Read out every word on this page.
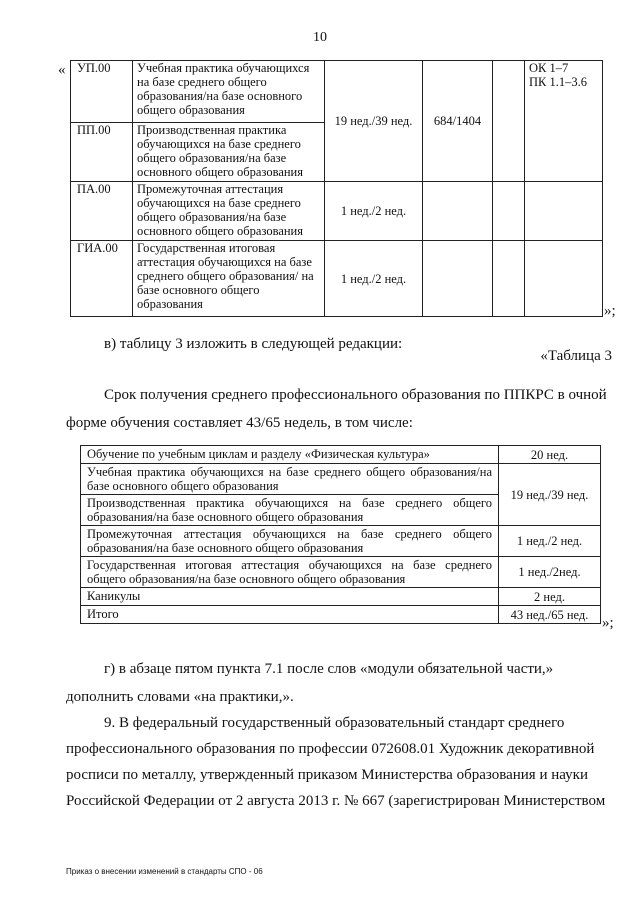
10
« УП.00	Учебная практика обучающихся на базе среднего общего образования/на базе основного общего образования	19 нед./39 нед.	684/1404		ОК 1–7
ПК 1.1–3.6
ПП.00	Производственная практика обучающихся на базе среднего общего образования/на базе основного общего образования				
ПА.00	Промежуточная аттестация обучающихся на базе среднего общего образования/на базе основного общего образования	1 нед./2 нед.			
ГИА.00	Государственная итоговая аттестация обучающихся на базе среднего общего образования/ на базе основного общего образования	1 нед./2 нед.			
»;
в) таблицу 3 изложить в следующей редакции:
«Таблица 3
Срок получения среднего профессионального образования по ППКРС в очной
форме обучения составляет 43/65 недель, в том числе:
Обучение по учебным циклам и разделу «Физическая культура»	20 нед.
Учебная практика обучающихся на базе среднего общего образования/на базе основного общего образования	19 нед./39 нед.
Производственная практика обучающихся на базе среднего общего образования/на базе основного общего образования	
Промежуточная аттестация обучающихся на базе среднего общего образования/на базе основного общего образования	1 нед./2 нед.
Государственная итоговая аттестация обучающихся на базе среднего общего образования/на базе основного общего образования	1 нед./2нед.
Каникулы	2 нед.
Итого	43 нед./65 нед.
»;
г) в абзаце пятом пункта 7.1 после слов «модули обязательной части,»
дополнить словами «на практики,».
9. В федеральный государственный образовательный стандарт среднего
профессионального образования по профессии 072608.01 Художник декоративной
росписи по металлу, утвержденный приказом Министерства образования и науки
Российской Федерации от 2 августа 2013 г. № 667 (зарегистрирован Министерством
Приказ о внесении изменений в стандарты СПО - 06
